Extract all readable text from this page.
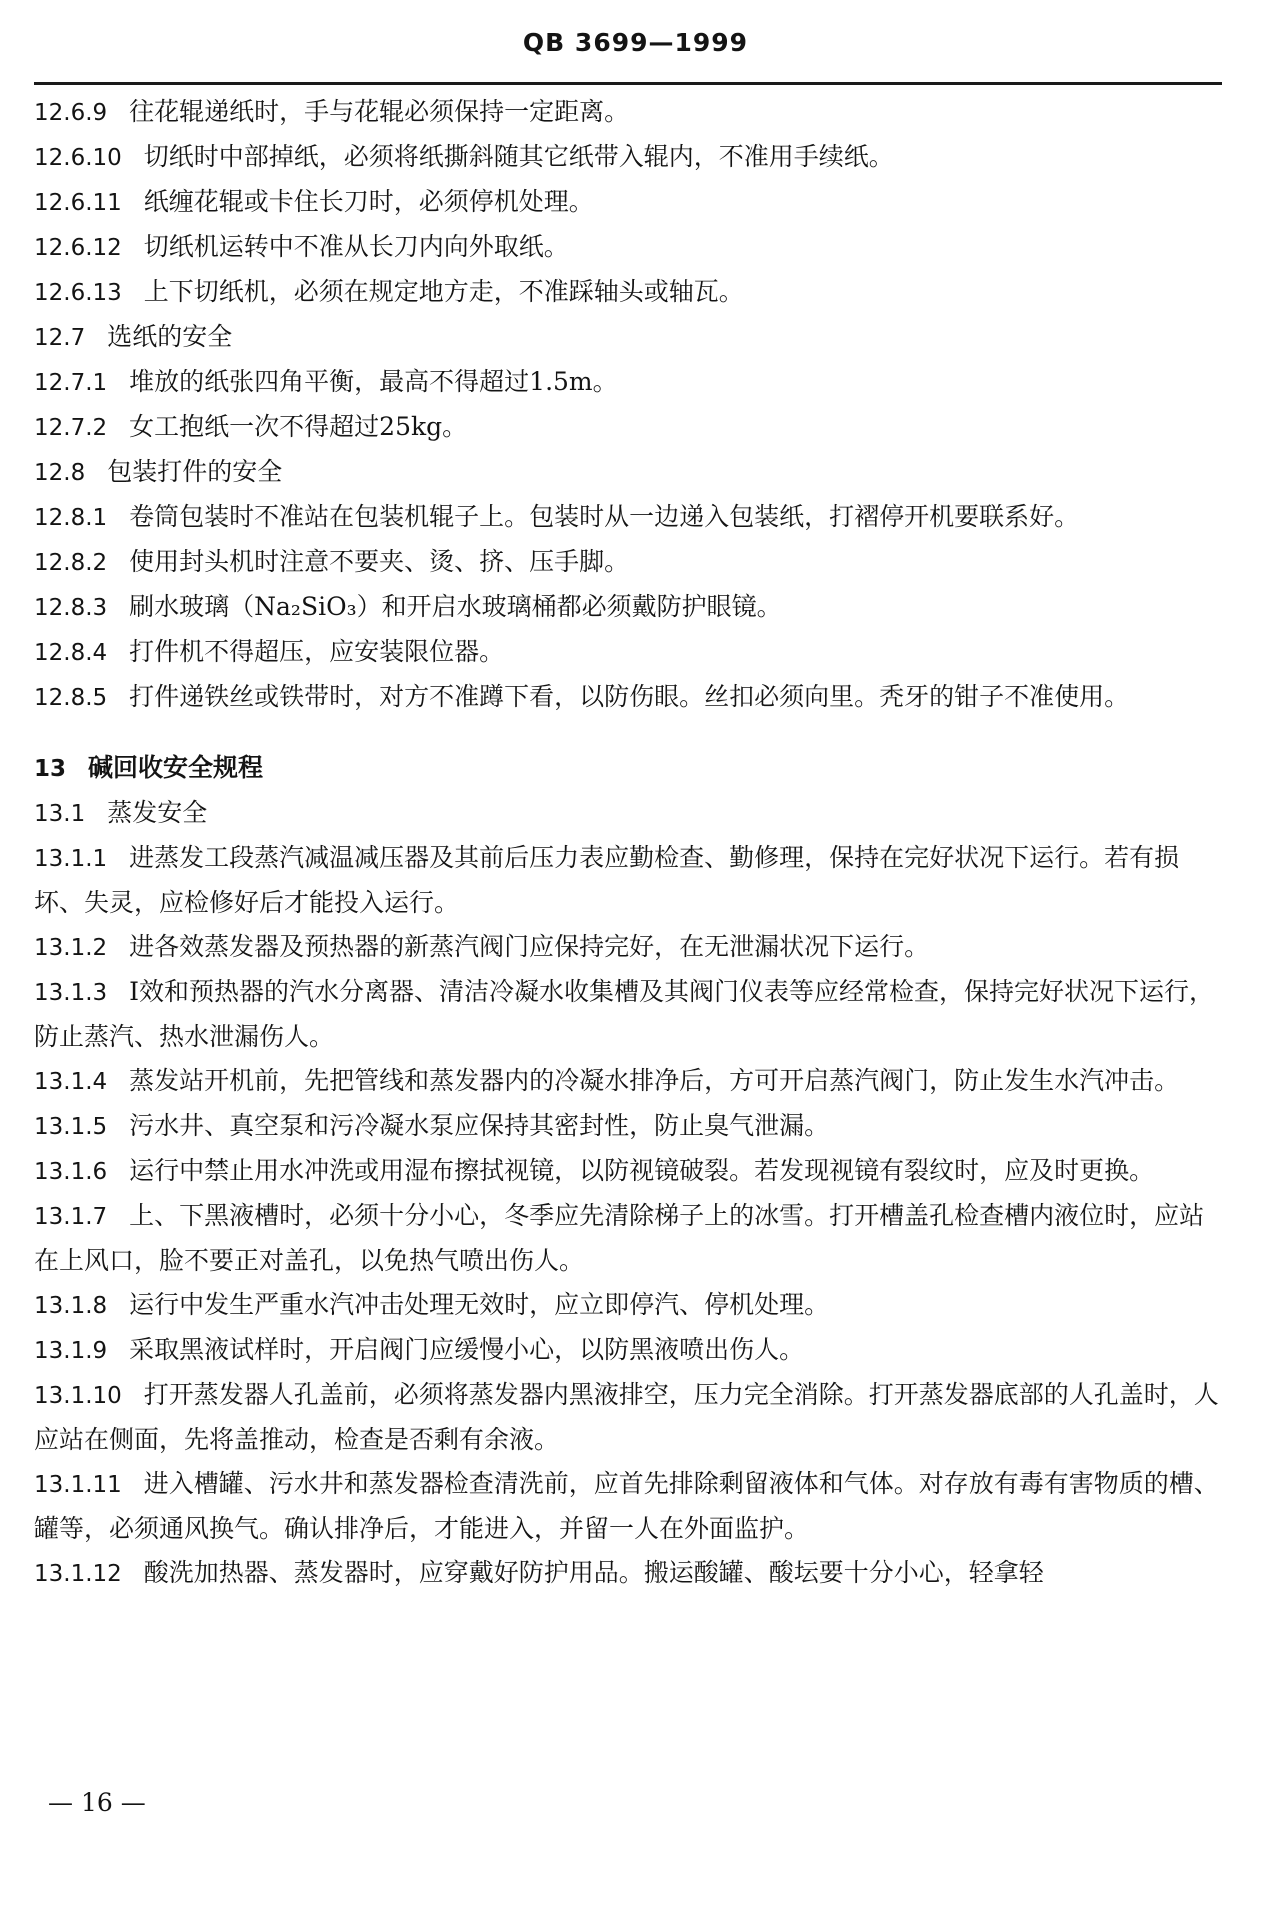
QB 3699—1999

12.6.9 往花辊递纸时，手与花辊必须保持一定距离。

12.6.10 切纸时中部掉纸，必须将纸撕斜随其它纸带入辊内，不准用手续纸。

12.6.11 纸缠花辊或卡住长刀时，必须停机处理。

12.6.12 切纸机运转中不准从长刀内向外取纸。

12.6.13 上下切纸机，必须在规定地方走，不准踩轴头或轴瓦。

12.7 选纸的安全

12.7.1 堆放的纸张四角平衡，最高不得超过1.5m。

12.7.2 女工抱纸一次不得超过25kg。

12.8 包装打件的安全

12.8.1 卷筒包装时不准站在包装机辊子上。包装时从一边递入包装纸，打褶停开机要联系好。

12.8.2 使用封头机时注意不要夹、烫、挤、压手脚。

12.8.3 刷水玻璃（Na₂SiO₃）和开启水玻璃桶都必须戴防护眼镜。

12.8.4 打件机不得超压，应安装限位器。

12.8.5 打件递铁丝或铁带时，对方不准蹲下看，以防伤眼。丝扣必须向里。秃牙的钳子不准使用。

13 碱回收安全规程

13.1 蒸发安全

13.1.1 进蒸发工段蒸汽减温减压器及其前后压力表应勤检查、勤修理，保持在完好状况下运行。若有损坏、失灵，应检修好后才能投入运行。

13.1.2 进各效蒸发器及预热器的新蒸汽阀门应保持完好，在无泄漏状况下运行。

13.1.3 Ⅰ效和预热器的汽水分离器、清洁冷凝水收集槽及其阀门仪表等应经常检查，保持完好状况下运行，防止蒸汽、热水泄漏伤人。

13.1.4 蒸发站开机前，先把管线和蒸发器内的冷凝水排净后，方可开启蒸汽阀门，防止发生水汽冲击。

13.1.5 污水井、真空泵和污冷凝水泵应保持其密封性，防止臭气泄漏。

13.1.6 运行中禁止用水冲洗或用湿布擦拭视镜，以防视镜破裂。若发现视镜有裂纹时，应及时更换。

13.1.7 上、下黑液槽时，必须十分小心，冬季应先清除梯子上的冰雪。打开槽盖孔检查槽内液位时，应站在上风口，脸不要正对盖孔，以免热气喷出伤人。

13.1.8 运行中发生严重水汽冲击处理无效时，应立即停汽、停机处理。

13.1.9 采取黑液试样时，开启阀门应缓慢小心，以防黑液喷出伤人。

13.1.10 打开蒸发器人孔盖前，必须将蒸发器内黑液排空，压力完全消除。打开蒸发器底部的人孔盖时，人应站在侧面，先将盖推动，检查是否剩有余液。

13.1.11 进入槽罐、污水井和蒸发器检查清洗前，应首先排除剩留液体和气体。对存放有毒有害物质的槽、罐等，必须通风换气。确认排净后，才能进入，并留一人在外面监护。

13.1.12 酸洗加热器、蒸发器时，应穿戴好防护用品。搬运酸罐、酸坛要十分小心，轻拿轻

— 16 —
